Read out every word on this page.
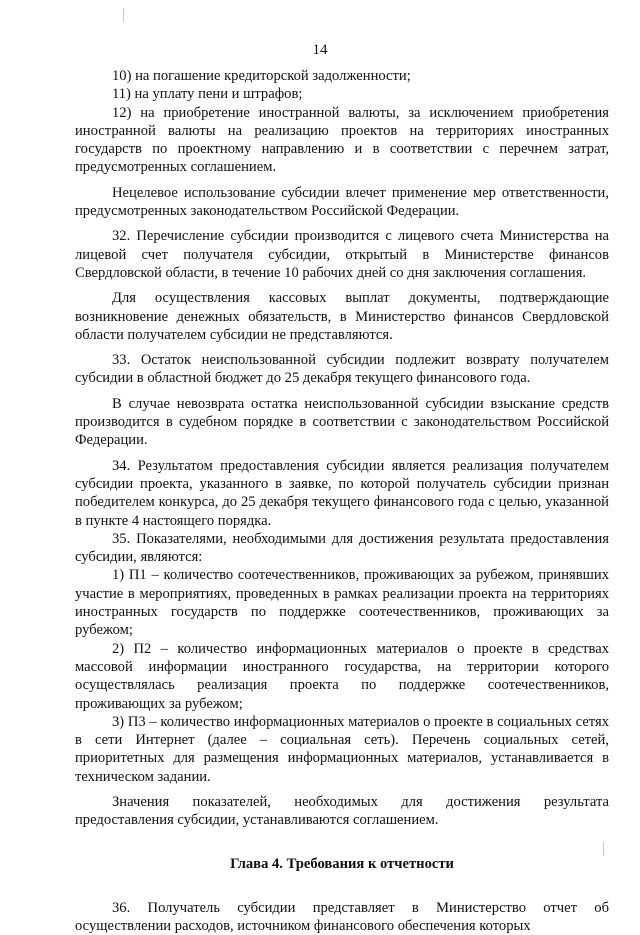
14

10) на погашение кредиторской задолженности;

11) на уплату пени и штрафов;

12) на приобретение иностранной валюты, за исключением приобретения иностранной валюты на реализацию проектов на территориях иностранных государств по проектному направлению и в соответствии с перечнем затрат, предусмотренных соглашением.

Нецелевое использование субсидии влечет применение мер ответственности, предусмотренных законодательством Российской Федерации.

32. Перечисление субсидии производится с лицевого счета Министерства на лицевой счет получателя субсидии, открытый в Министерстве финансов Свердловской области, в течение 10 рабочих дней со дня заключения соглашения.

Для осуществления кассовых выплат документы, подтверждающие возникновение денежных обязательств, в Министерство финансов Свердловской области получателем субсидии не представляются.

33. Остаток неиспользованной субсидии подлежит возврату получателем субсидии в областной бюджет до 25 декабря текущего финансового года.

В случае невозврата остатка неиспользованной субсидии взыскание средств производится в судебном порядке в соответствии с законодательством Российской Федерации.

34. Результатом предоставления субсидии является реализация получателем субсидии проекта, указанного в заявке, по которой получатель субсидии признан победителем конкурса, до 25 декабря текущего финансового года с целью, указанной в пункте 4 настоящего порядка.

35. Показателями, необходимыми для достижения результата предоставления субсидии, являются:

1) П1 – количество соотечественников, проживающих за рубежом, принявших участие в мероприятиях, проведенных в рамках реализации проекта на территориях иностранных государств по поддержке соотечественников, проживающих за рубежом;

2) П2 – количество информационных материалов о проекте в средствах массовой информации иностранного государства, на территории которого осуществлялась реализация проекта по поддержке соотечественников, проживающих за рубежом;

3) П3 – количество информационных материалов о проекте в социальных сетях в сети Интернет (далее – социальная сеть). Перечень социальных сетей, приоритетных для размещения информационных материалов, устанавливается в техническом задании.

Значения показателей, необходимых для достижения результата предоставления субсидии, устанавливаются соглашением.

Глава 4. Требования к отчетности

36. Получатель субсидии представляет в Министерство отчет об осуществлении расходов, источником финансового обеспечения которых
